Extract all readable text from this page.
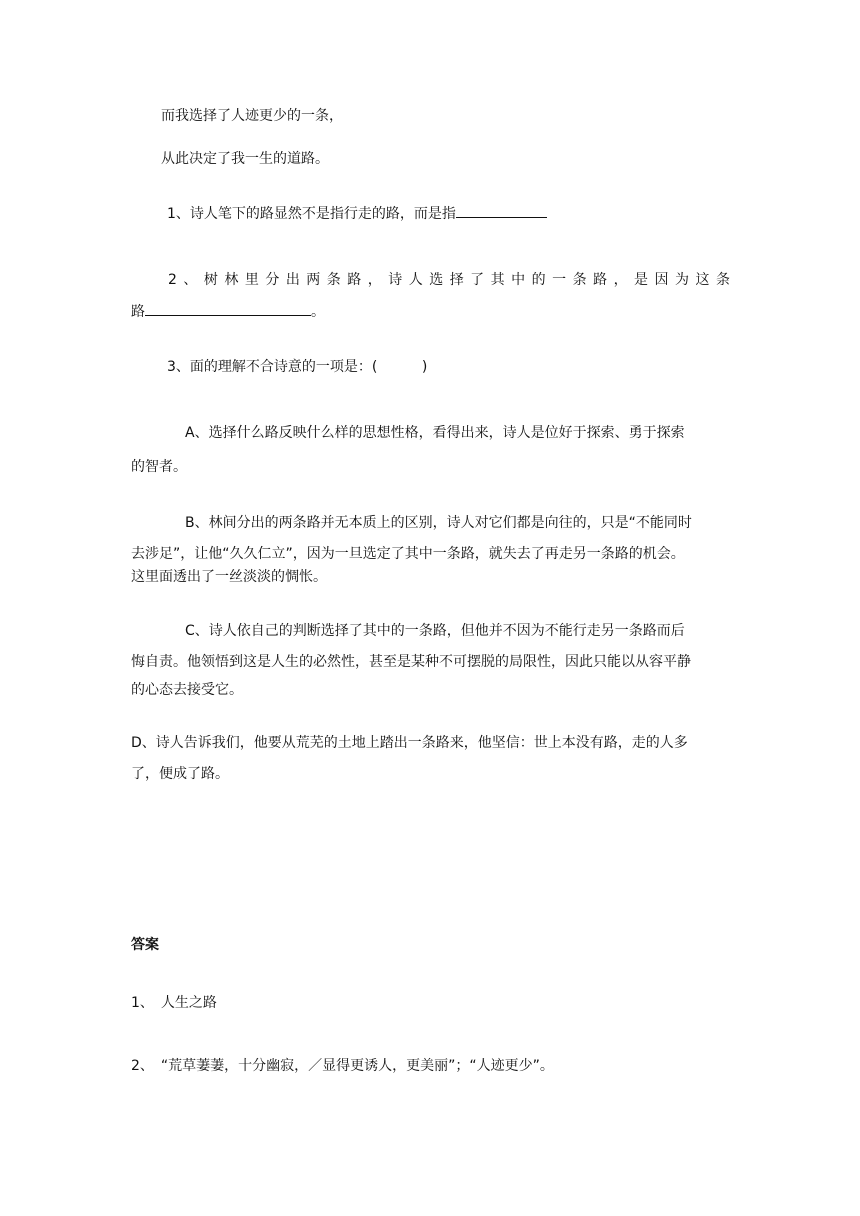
而我选择了人迹更少的一条，
从此决定了我一生的道路。
1、诗人笔下的路显然不是指行走的路，而是指
2、树林里分出两条路，诗人选择了其中的一条路，是因为这条
路	。
3、面的理解不合诗意的一项是：(          )
A、选择什么路反映什么样的思想性格，看得出来，诗人是位好于探索、勇于探索
的智者。
B、林间分出的两条路并无本质上的区别，诗人对它们都是向往的，只是“不能同时
去涉足”，让他“久久仁立”，因为一旦选定了其中一条路，就失去了再走另一条路的机会。
这里面透出了一丝淡淡的惆怅。
C、诗人依自己的判断选择了其中的一条路，但他并不因为不能行走另一条路而后
悔自责。他领悟到这是人生的必然性，甚至是某种不可摆脱的局限性，因此只能以从容平静
的心态去接受它。
D、诗人告诉我们，他要从荒芜的土地上踏出一条路来，他坚信：世上本没有路，走的人多
了，便成了路。
答案
1、　人生之路
2、　“荒草萋萋，十分幽寂，／显得更诱人，更美丽”；“人迹更少”。
